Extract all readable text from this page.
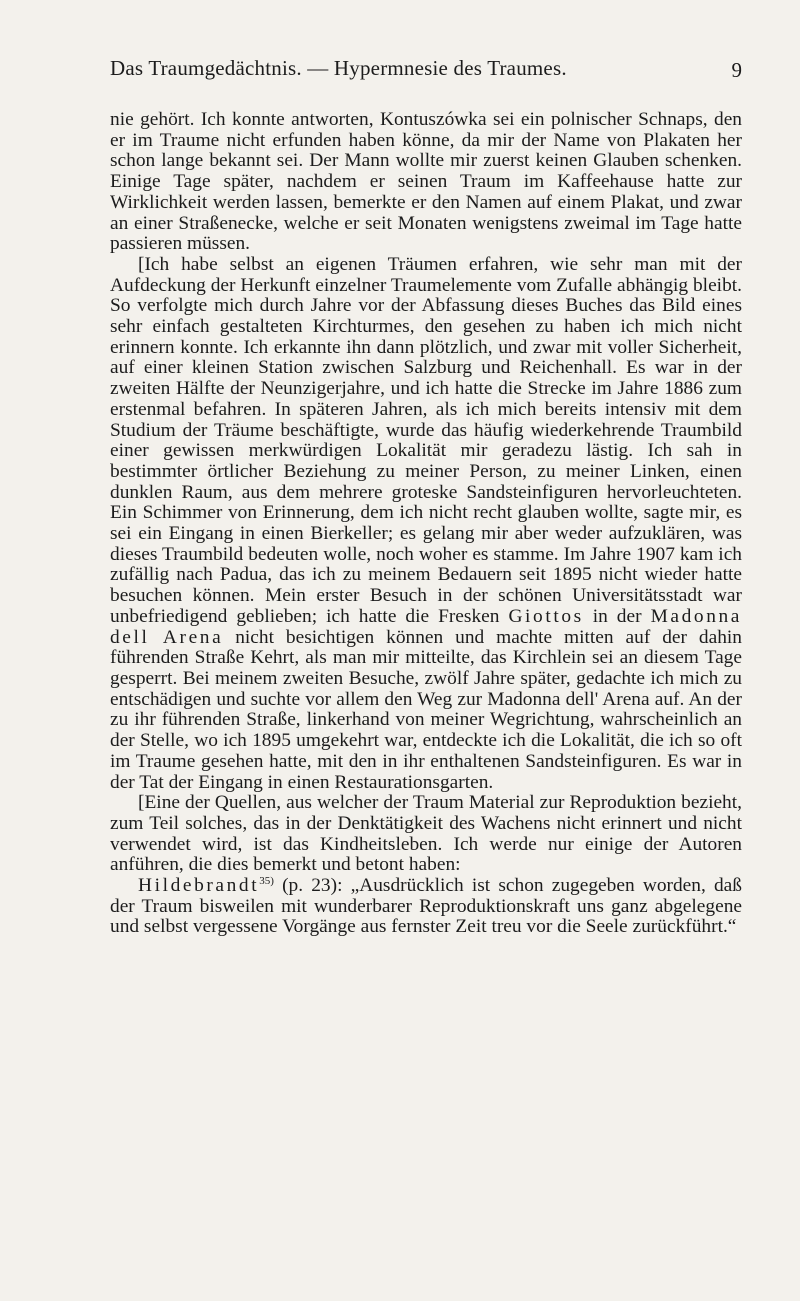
Das Traumgedächtnis. — Hypermnesie des Traumes.	9

nie gehört. Ich konnte antworten, Kontuszówka sei ein polnischer Schnaps, den er im Traume nicht erfunden haben könne, da mir der Name von Plakaten her schon lange bekannt sei. Der Mann wollte mir zuerst keinen Glauben schenken. Einige Tage später, nachdem er seinen Traum im Kaffeehause hatte zur Wirklichkeit werden lassen, bemerkte er den Namen auf einem Plakat, und zwar an einer Straßenecke, welche er seit Monaten wenigstens zweimal im Tage hatte passieren müssen.

[Ich habe selbst an eigenen Träumen erfahren, wie sehr man mit der Aufdeckung der Herkunft einzelner Traumelemente vom Zufalle abhängig bleibt. So verfolgte mich durch Jahre vor der Abfassung dieses Buches das Bild eines sehr einfach gestalteten Kirchturmes, den gesehen zu haben ich mich nicht erinnern konnte. Ich erkannte ihn dann plötzlich, und zwar mit voller Sicherheit, auf einer kleinen Station zwischen Salzburg und Reichenhall. Es war in der zweiten Hälfte der Neunzigerjahre, und ich hatte die Strecke im Jahre 1886 zum erstenmal befahren. In späteren Jahren, als ich mich bereits intensiv mit dem Studium der Träume beschäftigte, wurde das häufig wiederkehrende Traumbild einer gewissen merkwürdigen Lokalität mir geradezu lästig. Ich sah in bestimmter örtlicher Beziehung zu meiner Person, zu meiner Linken, einen dunklen Raum, aus dem mehrere groteske Sandsteinfiguren hervorleuchteten. Ein Schimmer von Erinnerung, dem ich nicht recht glauben wollte, sagte mir, es sei ein Eingang in einen Bierkeller; es gelang mir aber weder aufzuklären, was dieses Traumbild bedeuten wolle, noch woher es stamme. Im Jahre 1907 kam ich zufällig nach Padua, das ich zu meinem Bedauern seit 1895 nicht wieder hatte besuchen können. Mein erster Besuch in der schönen Universitätsstadt war unbefriedigend geblieben; ich hatte die Fresken Giottos in der Madonna dell Arena nicht besichtigen können und machte mitten auf der dahin führenden Straße Kehrt, als man mir mitteilte, das Kirchlein sei an diesem Tage gesperrt. Bei meinem zweiten Besuche, zwölf Jahre später, gedachte ich mich zu entschädigen und suchte vor allem den Weg zur Madonna dell' Arena auf. An der zu ihr führenden Straße, linkerhand von meiner Wegrichtung, wahrscheinlich an der Stelle, wo ich 1895 umgekehrt war, entdeckte ich die Lokalität, die ich so oft im Traume gesehen hatte, mit den in ihr enthaltenen Sandsteinfiguren. Es war in der Tat der Eingang in einen Restaurationsgarten.

[Eine der Quellen, aus welcher der Traum Material zur Reproduktion bezieht, zum Teil solches, das in der Denktätigkeit des Wachens nicht erinnert und nicht verwendet wird, ist das Kindheitsleben. Ich werde nur einige der Autoren anführen, die dies bemerkt und betont haben:

Hildebrandt$^{35)}$ (p. 23): „Ausdrücklich ist schon zugegeben worden, daß der Traum bisweilen mit wunderbarer Reproduktionskraft uns ganz abgelegene und selbst vergessene Vorgänge aus fernster Zeit treu vor die Seele zurückführt.“
